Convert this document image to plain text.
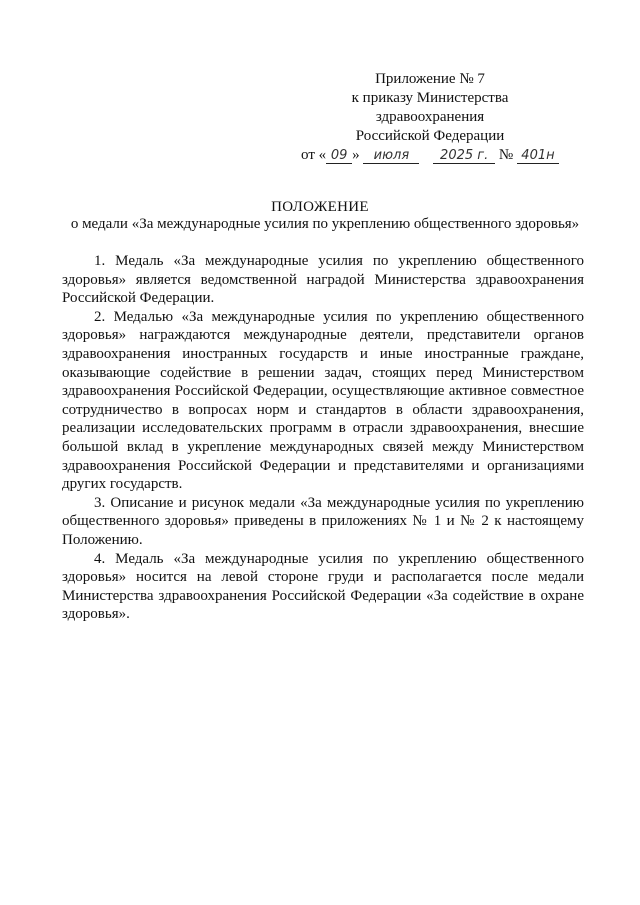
Приложение № 7
к приказу Министерства
здравоохранения
Российской Федерации
от « 09 » июля 2025 г. № 401н
ПОЛОЖЕНИЕ
о медали «За международные усилия по укреплению общественного здоровья»

1. Медаль «За международные усилия по укреплению общественного здоровья» является ведомственной наградой Министерства здравоохранения Российской Федерации.

2. Медалью «За международные усилия по укреплению общественного здоровья» награждаются международные деятели, представители органов здравоохранения иностранных государств и иные иностранные граждане, оказывающие содействие в решении задач, стоящих перед Министерством здравоохранения Российской Федерации, осуществляющие активное совместное сотрудничество в вопросах норм и стандартов в области здравоохранения, реализации исследовательских программ в отрасли здравоохранения, внесшие большой вклад в укрепление международных связей между Министерством здравоохранения Российской Федерации и представителями и организациями других государств.

3. Описание и рисунок медали «За международные усилия по укреплению общественного здоровья» приведены в приложениях № 1 и № 2 к настоящему Положению.

4. Медаль «За международные усилия по укреплению общественного здоровья» носится на левой стороне груди и располагается после медали Министерства здравоохранения Российской Федерации «За содействие в охране здоровья».
